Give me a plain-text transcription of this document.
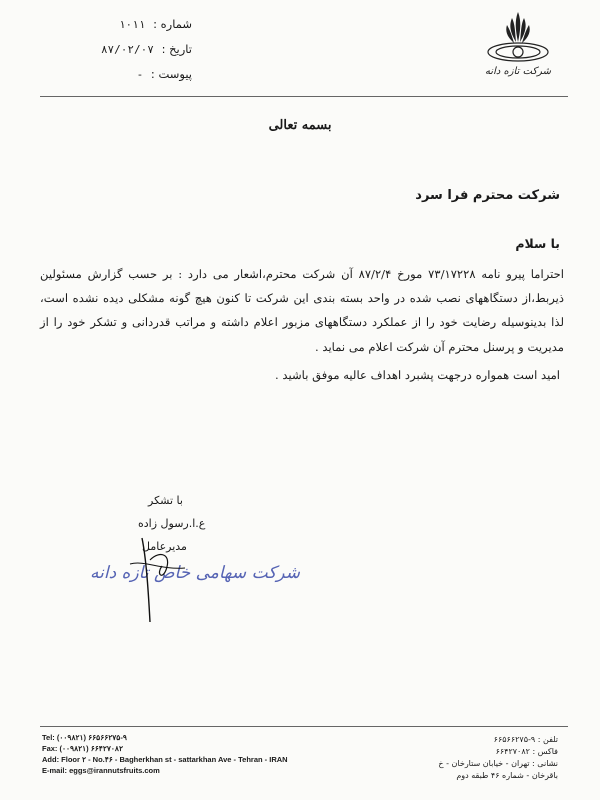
شماره : ۱۰۱۱
تاریخ : ۸۷/۰۲/۰۷
پیوست : -	شرکت تازه دانه
بسمه تعالی
شرکت محترم فرا سرد
با سلام

احتراما پیرو نامه ۷۳/۱۷۲۲۸ مورخ ۸۷/۲/۴ آن شرکت محترم،اشعار می دارد : بر حسب گزارش مسئولین ذیربط،از دستگاههای نصب شده در واحد بسته بندی این شرکت تا کنون هیچ گونه مشکلی دیده نشده است، لذا بدینوسیله رضایت خود را از عملکرد دستگاههای مزبور اعلام داشته و مراتب قدردانی و تشکر خود را از مدیریت و پرسنل محترم آن شرکت اعلام می نماید .

امید است همواره درجهت پشبرد اهداف عالیه موفق باشید .
با تشکر
ع.ا.رسول زاده
مدیرعامل
شرکت سهامی خاص تازه دانه
Tel: (۰۰۹۸۲۱) ۶۶۵۶۶۲۷۵-۹
Fax: (۰۰۹۸۲۱) ۶۶۴۲۷۰۸۲
Add: Floor ۲ - No.۴۶ - Bagherkhan st - sattarkhan Ave - Tehran - IRAN
E-mail: eggs@irannutsfruits.com
تلفن : ۹-۶۶۵۶۶۲۷۵
فاکس : ۶۶۴۲۷۰۸۲
نشانی : تهران - خیابان ستارخان - خ
باقرخان - شماره ۴۶ طبقه دوم
